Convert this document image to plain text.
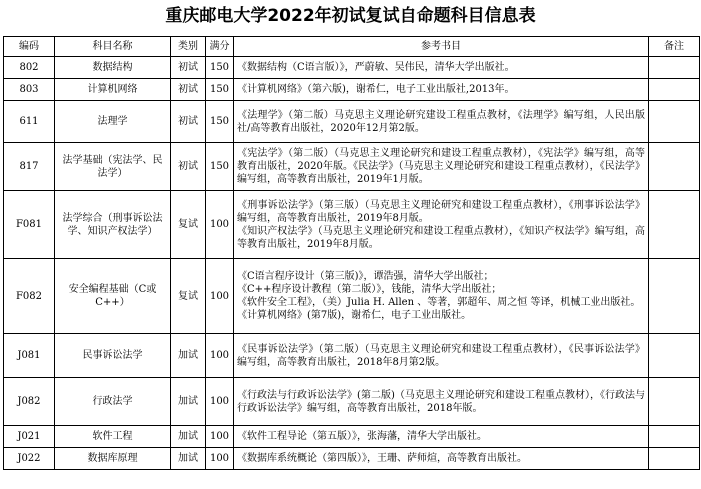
重庆邮电大学2022年初试复试自命题科目信息表
编码	科目名称	类别	满分	参考书目	备注
802	数据结构	初试	150	《数据结构（C语言版）》，严蔚敏、吴伟民，清华大学出版社。	

803	计算机网络	初试	150	《计算机网络》（第六版)，谢希仁，电子工业出版社,2013年。	

611	法理学	初试	150	《法理学》（第二版）马克思主义理论研究建设工程重点教材，《法理学》编写组，人民出版社/高等教育出版社，2020年12月第2版。	

817	法学基础（宪法学、民法学）	初试	150	《宪法学》（第二版）（马克思主义理论研究和建设工程重点教材），《宪法学》编写组，高等教育出版社，2020年版。《民法学》（马克思主义理论研究和建设工程重点教材），《民法学》编写组，高等教育出版社，2019年1月版。	

F081	法学综合（刑事诉讼法学、知识产权法学）	复试	100	《刑事诉讼法学》（第三版）（马克思主义理论研究和建设工程重点教材），《刑事诉讼法学》编写组，高等教育出版社，2019年8月版。
《知识产权法学》（马克思主义理论研究和建设工程重点教材），《知识产权法学》编写组，高等教育出版社，2019年8月版。	

F082	安全编程基础（C或C++）	复试	100	《C语言程序设计（第三版)》，谭浩强，清华大学出版社；
《C++程序设计教程（第二版）》，钱能，清华大学出版社；
《软件安全工程》，（美）Julia H. Allen 、等著，郭超年、周之恒 等译，机械工业出版社。
《计算机网络》(第7版)，谢希仁，电子工业出版社。	

J081	民事诉讼法学	加试	100	《民事诉讼法学》（第二版）（马克思主义理论研究和建设工程重点教材），《民事诉讼法学》编写组，高等教育出版社，2018年8月第2版。	

J082	行政法学	加试	100	《行政法与行政诉讼法学》(第二版)（马克思主义理论研究和建设工程重点教材），《行政法与行政诉讼法学》编写组，高等教育出版社，2018年版。	

J021	软件工程	加试	100	《软件工程导论（第五版）》，张海藩，清华大学出版社。	

J022	数据库原理	加试	100	《数据库系统概论（第四版）》，王珊、萨师煊，高等教育出版社。	
